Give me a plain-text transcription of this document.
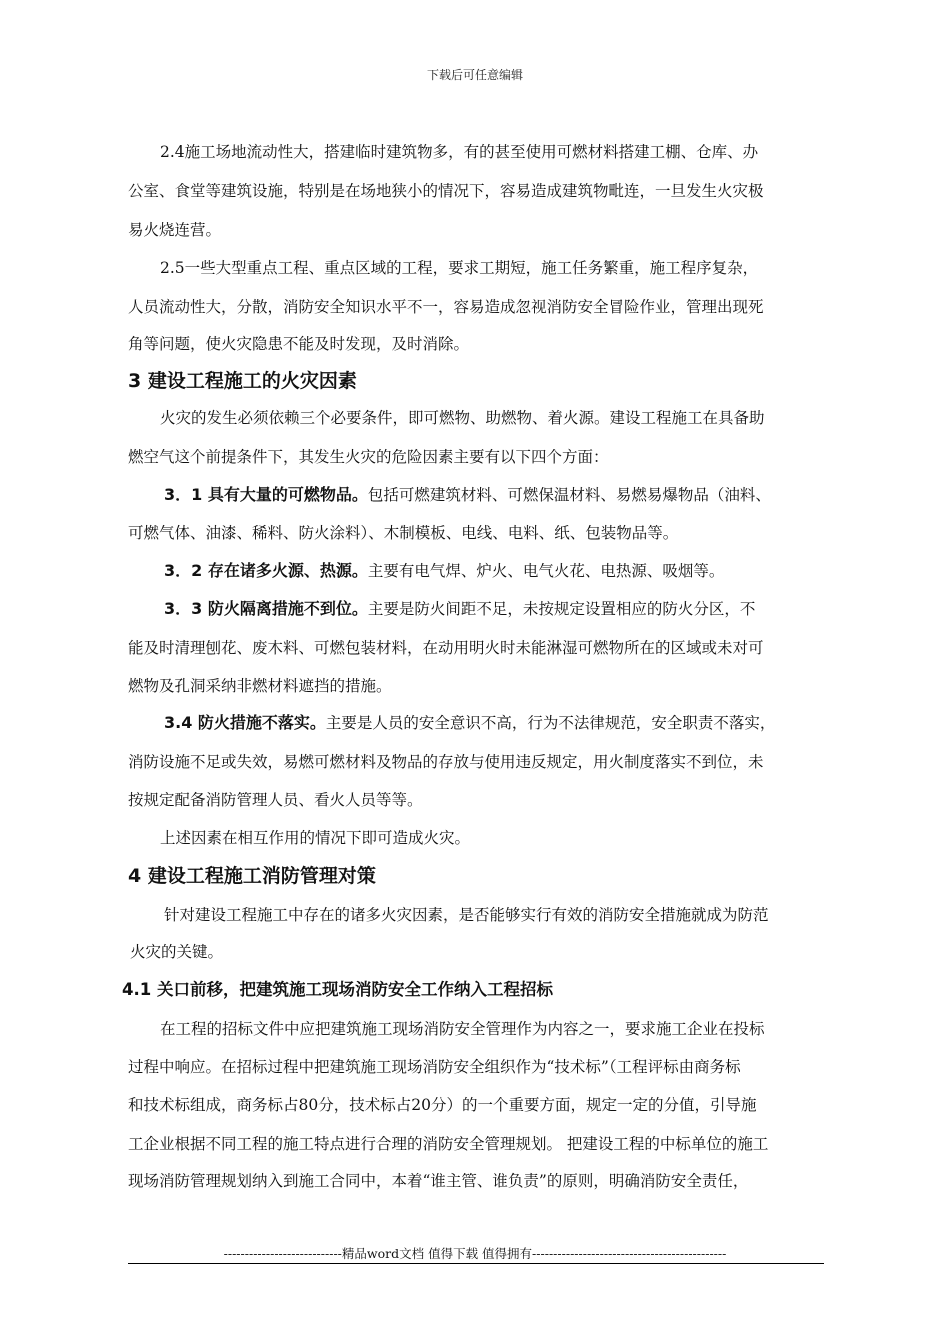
下载后可任意编辑
2.4施工场地流动性大，搭建临时建筑物多，有的甚至使用可燃材料搭建工棚、仓库、办
公室、食堂等建筑设施，特别是在场地狭小的情况下，容易造成建筑物毗连，一旦发生火灾极
易火烧连营。
2.5一些大型重点工程、重点区域的工程，要求工期短，施工任务繁重，施工程序复杂，
人员流动性大，分散，消防安全知识水平不一，容易造成忽视消防安全冒险作业，管理出现死
角等问题，使火灾隐患不能及时发现，及时消除。
3 建设工程施工的火灾因素
火灾的发生必须依赖三个必要条件，即可燃物、助燃物、着火源。建设工程施工在具备助
燃空气这个前提条件下，其发生火灾的危险因素主要有以下四个方面：
3．1 具有大量的可燃物品。包括可燃建筑材料、可燃保温材料、易燃易爆物品（油料、
可燃气体、油漆、稀料、防火涂料）、木制模板、电线、电料、纸、包装物品等。
3．2 存在诸多火源、热源。主要有电气焊、炉火、电气火花、电热源、吸烟等。
3．3 防火隔离措施不到位。主要是防火间距不足，未按规定设置相应的防火分区，不
能及时清理刨花、废木料、可燃包装材料，在动用明火时未能淋湿可燃物所在的区域或未对可
燃物及孔洞采纳非燃材料遮挡的措施。
3.4 防火措施不落实。主要是人员的安全意识不高，行为不法律规范，安全职责不落实，
消防设施不足或失效，易燃可燃材料及物品的存放与使用违反规定，用火制度落实不到位，未
按规定配备消防管理人员、看火人员等等。
上述因素在相互作用的情况下即可造成火灾。
4 建设工程施工消防管理对策
针对建设工程施工中存在的诸多火灾因素，是否能够实行有效的消防安全措施就成为防范
火灾的关键。
4.1 关口前移，把建筑施工现场消防安全工作纳入工程招标
在工程的招标文件中应把建筑施工现场消防安全管理作为内容之一，要求施工企业在投标
过程中响应。在招标过程中把建筑施工现场消防安全组织作为“技术标”（工程评标由商务标
和技术标组成，商务标占80分，技术标占20分）的一个重要方面，规定一定的分值，引导施
工企业根据不同工程的施工特点进行合理的消防安全管理规划。 把建设工程的中标单位的施工
现场消防管理规划纳入到施工合同中，本着“谁主管、谁负责”的原则，明确消防安全责任，
----------------------------精品word文档 值得下载 值得拥有----------------------------------------------
